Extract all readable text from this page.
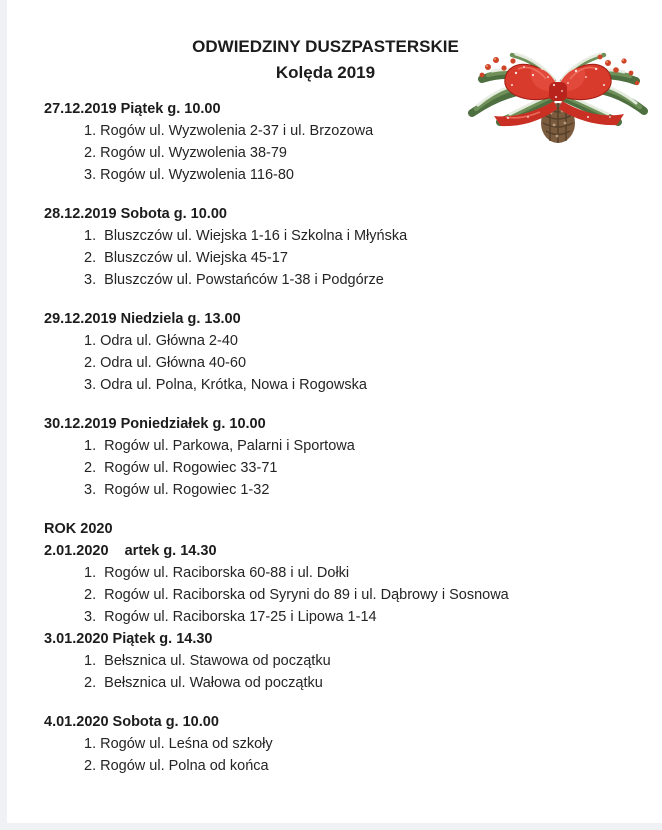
ODWIEDZINY DUSZPASTERSKIE
Kolęda 2019
27.12.2019 Piątek g. 10.00
1. Rogów ul. Wyzwolenia 2-37 i ul. Brzozowa
2. Rogów ul. Wyzwolenia 38-79
3. Rogów ul. Wyzwolenia 116-80
28.12.2019 Sobota g. 10.00
1.  Bluszczów ul. Wiejska 1-16 i Szkolna i Młyńska
2.  Bluszczów ul. Wiejska 45-17
3.  Bluszczów ul. Powstańców 1-38 i Podgórze
29.12.2019 Niedziela g. 13.00
1. Odra ul. Główna 2-40
2. Odra ul. Główna 40-60
3. Odra ul. Polna, Krótka, Nowa i Rogowska
30.12.2019 Poniedziałek g. 10.00
1.  Rogów ul. Parkowa, Palarni i Sportowa
2.  Rogów ul. Rogowiec 33-71
3.  Rogów ul. Rogowiec 1-32
ROK 2020
2.01.2020    artek g. 14.30
1.  Rogów ul. Raciborska 60-88 i ul. Dołki
2.  Rogów ul. Raciborska od Syryni do 89 i ul. Dąbrowy i Sosnowa
3.  Rogów ul. Raciborska 17-25 i Lipowa 1-14
3.01.2020 Piątek g. 14.30
1.  Bełsznica ul. Stawowa od początku
2.  Bełsznica ul. Wałowa od początku
4.01.2020 Sobota g. 10.00
1. Rogów ul. Leśna od szkoły
2. Rogów ul. Polna od końca
